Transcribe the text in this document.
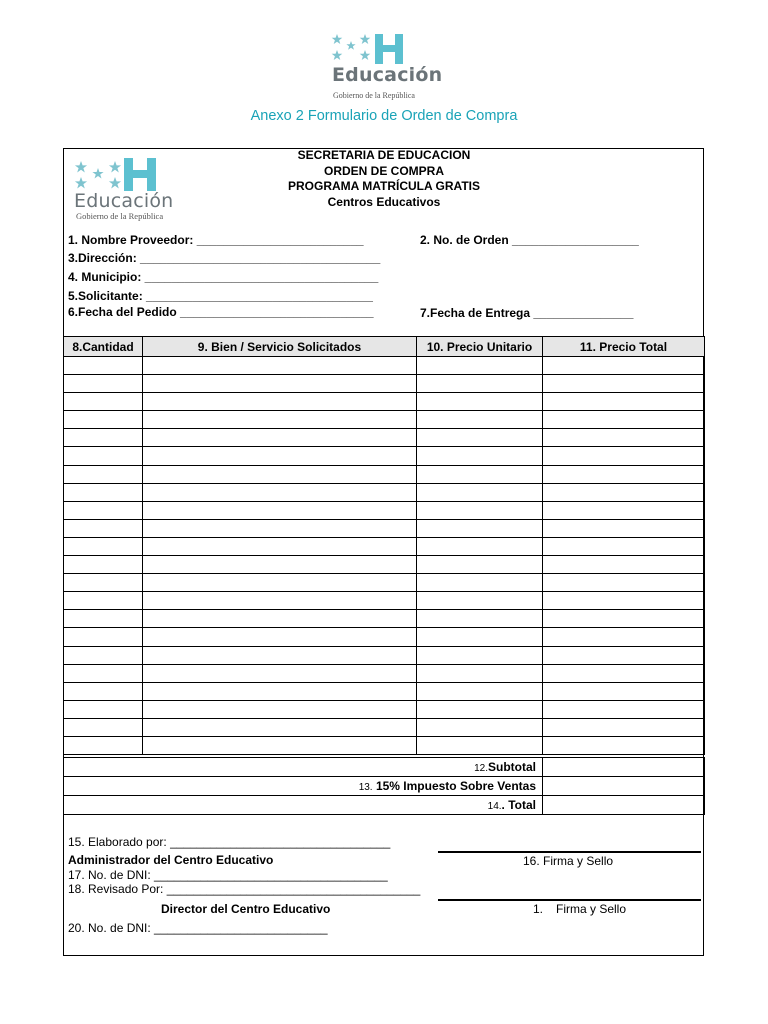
Educación
Gobierno de la República
Anexo 2 Formulario de Orden de Compra
Educación
Gobierno de la República
SECRETARIA DE EDUCACION
ORDEN DE COMPRA
PROGRAMA MATRÍCULA GRATIS
Centros Educativos
1. Nombre Proveedor: _________________________	2. No. de Orden ___________________
3.Dirección: ____________________________________
4. Municipio: ___________________________________
5.Solicitante: __________________________________
6.Fecha del Pedido _____________________________	7.Fecha de Entrega _______________
8.Cantidad	9. Bien / Servicio Solicitados	10. Precio Unitario	11. Precio Total

12.Subtotal	
13. 15% Impuesto Sobre Ventas	
14.. Total	
15. Elaborado por: _________________________________
Administrador del Centro Educativo
17. No. de DNI: ___________________________________
18. Revisado Por: ______________________________________
Director del Centro Educativo
20. No. de DNI: __________________________
16. Firma y Sello
1. Firma y Sello
